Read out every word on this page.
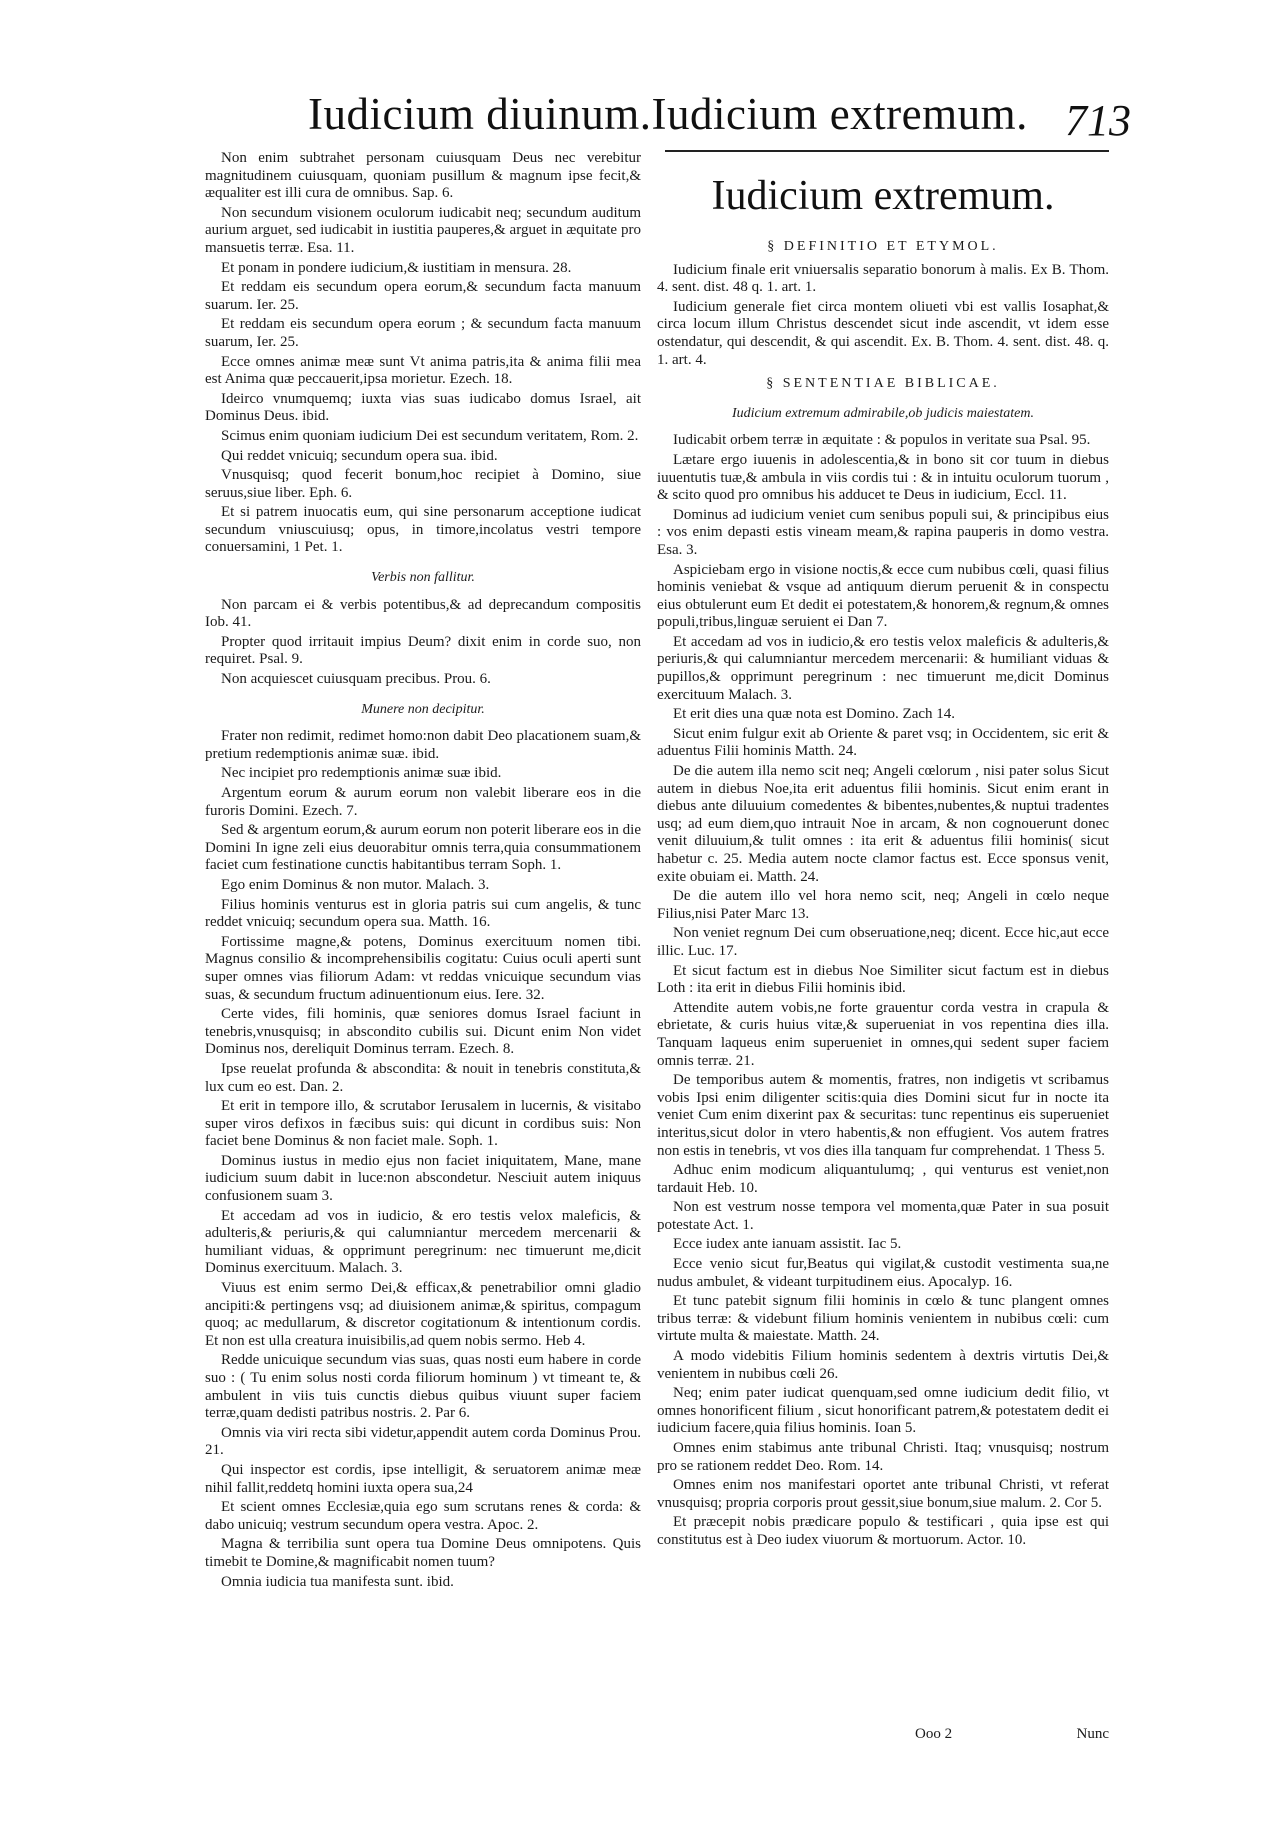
Iudicium diuinum.Iudicium extremum. 713

Non enim subtrahet personam cuiusquam Deus nec verebitur magnitudinem cuiusquam, quoniam pusillum & magnum ipse fecit,& æqualiter est illi cura de omnibus. Sap. 6.

Non secundum visionem oculorum iudicabit neq; secundum auditum aurium arguet, sed iudicabit in iustitia pauperes,& arguet in æquitate pro mansuetis terræ. Esa. 11.

Et ponam in pondere iudicium,& iustitiam in mensura. 28.

Et reddam eis secundum opera eorum,& secundum facta manuum suarum. Ier. 25.

Et reddam eis secundum opera eorum ; & secundum facta manuum suarum, Ier. 25.

Ecce omnes animæ meæ sunt Vt anima patris,ita & anima filii mea est Anima quæ peccauerit,ipsa morietur. Ezech. 18.

Ideirco vnumquemq; iuxta vias suas iudicabo domus Israel, ait Dominus Deus. ibid.

Scimus enim quoniam iudicium Dei est secundum veritatem, Rom. 2.

Qui reddet vnicuiq; secundum opera sua. ibid.

Vnusquisq; quod fecerit bonum,hoc recipiet à Domino, siue seruus,siue liber. Eph. 6.

Et si patrem inuocatis eum, qui sine personarum acceptione iudicat secundum vniuscuiusq; opus, in timore,incolatus vestri tempore conuersamini, 1 Pet. 1.

Verbis non fallitur.

Non parcam ei & verbis potentibus,& ad deprecandum compositis Iob. 41.

Propter quod irritauit impius Deum? dixit enim in corde suo, non requiret. Psal. 9.

Non acquiescet cuiusquam precibus. Prou. 6.

Munere non decipitur.

Frater non redimit, redimet homo:non dabit Deo placationem suam,& pretium redemptionis animæ suæ. ibid.

Nec incipiet pro redemptionis animæ suæ ibid.

Argentum eorum & aurum eorum non valebit liberare eos in die furoris Domini. Ezech. 7.

Sed & argentum eorum,& aurum eorum non poterit liberare eos in die Domini In igne zeli eius deuorabitur omnis terra,quia consummationem faciet cum festinatione cunctis habitantibus terram Soph. 1.

Ego enim Dominus & non mutor. Malach. 3.

Filius hominis venturus est in gloria patris sui cum angelis, & tunc reddet vnicuiq; secundum opera sua. Matth. 16.

Fortissime magne,& potens, Dominus exercituum nomen tibi. Magnus consilio & incomprehensibilis cogitatu: Cuius oculi aperti sunt super omnes vias filiorum Adam: vt reddas vnicuique secundum vias suas, & secundum fructum adinuentionum eius. Iere. 32.

Certe vides, fili hominis, quæ seniores domus Israel faciunt in tenebris,vnusquisq; in abscondito cubilis sui. Dicunt enim Non videt Dominus nos, dereliquit Dominus terram. Ezech. 8.

Ipse reuelat profunda & abscondita: & nouit in tenebris constituta,& lux cum eo est. Dan. 2.

Et erit in tempore illo, & scrutabor Ierusalem in lucernis, & visitabo super viros defixos in fæcibus suis: qui dicunt in cordibus suis: Non faciet bene Dominus & non faciet male. Soph. 1.

Dominus iustus in medio ejus non faciet iniquitatem, Mane, mane iudicium suum dabit in luce:non abscondetur. Nesciuit autem iniquus confusionem suam 3.

Et accedam ad vos in iudicio, & ero testis velox maleficis, & adulteris,& periuris,& qui calumniantur mercedem mercenarii & humiliant viduas, & opprimunt peregrinum: nec timuerunt me,dicit Dominus exercituum. Malach. 3.

Viuus est enim sermo Dei,& efficax,& penetrabilior omni gladio ancipiti:& pertingens vsq; ad diuisionem animæ,& spiritus, compagum quoq; ac medullarum, & discretor cogitationum & intentionum cordis. Et non est ulla creatura inuisibilis,ad quem nobis sermo. Heb 4.

Redde unicuique secundum vias suas, quas nosti eum habere in corde suo : ( Tu enim solus nosti corda filiorum hominum ) vt timeant te, & ambulent in viis tuis cunctis diebus quibus viuunt super faciem terræ,quam dedisti patribus nostris. 2. Par 6.

Omnis via viri recta sibi videtur,appendit autem corda Dominus Prou. 21.

Qui inspector est cordis, ipse intelligit, & seruatorem animæ meæ nihil fallit,reddetq homini iuxta opera sua,24

Et scient omnes Ecclesiæ,quia ego sum scrutans renes & corda: & dabo unicuiq; vestrum secundum opera vestra. Apoc. 2.

Magna & terribilia sunt opera tua Domine Deus omnipotens. Quis timebit te Domine,& magnificabit nomen tuum?

Omnia iudicia tua manifesta sunt. ibid.

Iudicium extremum.
§ DEFINITIO ET ETYMOL.

Iudicium finale erit vniuersalis separatio bonorum à malis. Ex B. Thom. 4. sent. dist. 48 q. 1. art. 1.

Iudicium generale fiet circa montem oliueti vbi est vallis Iosaphat,& circa locum illum Christus descendet sicut inde ascendit, vt idem esse ostendatur, qui descendit, & qui ascendit. Ex. B. Thom. 4. sent. dist. 48. q. 1. art. 4.

§ SENTENTIAE BIBLICAE.
Iudicium extremum admirabile,ob judicis maiestatem.

Iudicabit orbem terræ in æquitate : & populos in veritate sua Psal. 95.

Lætare ergo iuuenis in adolescentia,& in bono sit cor tuum in diebus iuuentutis tuæ,& ambula in viis cordis tui : & in intuitu oculorum tuorum , & scito quod pro omnibus his adducet te Deus in iudicium, Eccl. 11.

Dominus ad iudicium veniet cum senibus populi sui, & principibus eius : vos enim depasti estis vineam meam,& rapina pauperis in domo vestra. Esa. 3.

Aspiciebam ergo in visione noctis,& ecce cum nubibus cœli, quasi filius hominis veniebat & vsque ad antiquum dierum peruenit & in conspectu eius obtulerunt eum Et dedit ei potestatem,& honorem,& regnum,& omnes populi,tribus,linguæ seruient ei Dan 7.

Et accedam ad vos in iudicio,& ero testis velox maleficis & adulteris,& periuris,& qui calumniantur mercedem mercenarii: & humiliant viduas & pupillos,& opprimunt peregrinum : nec timuerunt me,dicit Dominus exercituum Malach. 3.

Et erit dies una quæ nota est Domino. Zach 14.

Sicut enim fulgur exit ab Oriente & paret vsq; in Occidentem, sic erit & aduentus Filii hominis Matth. 24.

De die autem illa nemo scit neq; Angeli cœlorum , nisi pater solus Sicut autem in diebus Noe,ita erit aduentus filii hominis. Sicut enim erant in diebus ante diluuium comedentes & bibentes,nubentes,& nuptui tradentes usq; ad eum diem,quo intrauit Noe in arcam, & non cognouerunt donec venit diluuium,& tulit omnes : ita erit & aduentus filii hominis( sicut habetur c. 25. Media autem nocte clamor factus est. Ecce sponsus venit, exite obuiam ei. Matth. 24.

De die autem illo vel hora nemo scit, neq; Angeli in cœlo neque Filius,nisi Pater Marc 13.

Non veniet regnum Dei cum obseruatione,neq; dicent. Ecce hic,aut ecce illic. Luc. 17.

Et sicut factum est in diebus Noe Similiter sicut factum est in diebus Loth : ita erit in diebus Filii hominis ibid.

Attendite autem vobis,ne forte grauentur corda vestra in crapula & ebrietate, & curis huius vitæ,& superueniat in vos repentina dies illa. Tanquam laqueus enim superueniet in omnes,qui sedent super faciem omnis terræ. 21.

De temporibus autem & momentis, fratres, non indigetis vt scribamus vobis Ipsi enim diligenter scitis:quia dies Domini sicut fur in nocte ita veniet Cum enim dixerint pax & securitas: tunc repentinus eis superueniet interitus,sicut dolor in vtero habentis,& non effugient. Vos autem fratres non estis in tenebris, vt vos dies illa tanquam fur comprehendat. 1 Thess 5.

Adhuc enim modicum aliquantulumq; , qui venturus est veniet,non tardauit Heb. 10.

Non est vestrum nosse tempora vel momenta,quæ Pater in sua posuit potestate Act. 1.

Ecce iudex ante ianuam assistit. Iac 5.

Ecce venio sicut fur,Beatus qui vigilat,& custodit vestimenta sua,ne nudus ambulet, & videant turpitudinem eius. Apocalyp. 16.

Et tunc patebit signum filii hominis in cœlo & tunc plangent omnes tribus terræ: & videbunt filium hominis venientem in nubibus cœli: cum virtute multa & maiestate. Matth. 24.

A modo videbitis Filium hominis sedentem à dextris virtutis Dei,& venientem in nubibus cœli 26.

Neq; enim pater iudicat quenquam,sed omne iudicium dedit filio, vt omnes honorificent filium , sicut honorificant patrem,& potestatem dedit ei iudicium facere,quia filius hominis. Ioan 5.

Omnes enim stabimus ante tribunal Christi. Itaq; vnusquisq; nostrum pro se rationem reddet Deo. Rom. 14.

Omnes enim nos manifestari oportet ante tribunal Christi, vt referat vnusquisq; propria corporis prout gessit,siue bonum,siue malum. 2. Cor 5.

Et præcepit nobis prædicare populo & testificari , quia ipse est qui constitutus est à Deo iudex viuorum & mortuorum. Actor. 10.

Ooo 2	Nunc
